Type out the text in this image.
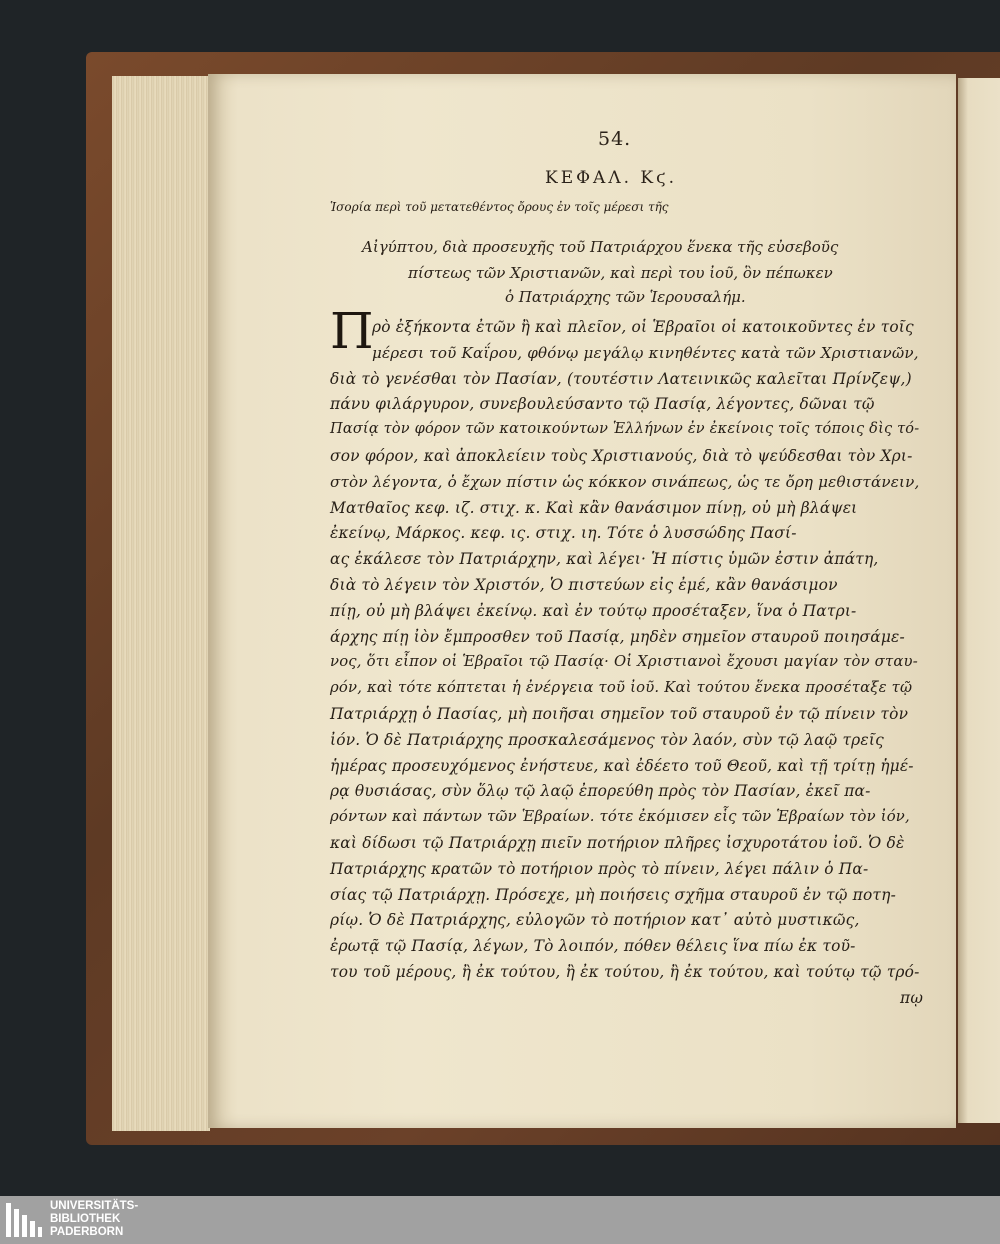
54.
ΚΕΦΑΛ. Κϛ.
Ἱσορία περὶ τοῦ μετατεθέντος ὄρους ἐν τοῖς μέρεσι τῆς
Αἰγύπτου, διὰ προσευχῆς τοῦ Πατριάρχου ἕνεκα τῆς εὐσεβοῦς
πίστεως τῶν Χριστιανῶν, καὶ περὶ του ἰοῦ, ὃν πέπωκεν
ὁ Πατριάρχης τῶν Ἱερουσαλήμ.
Π
ρὸ ἐξήκοντα ἐτῶν ἢ καὶ πλεῖον, οἱ Ἑβραῖοι οἱ κατοικοῦντες ἐν τοῖς
μέρεσι τοῦ Καΐρου, φθόνῳ μεγάλῳ κινηθέντες κατὰ τῶν Χριστιανῶν,
διὰ τὸ γενέσθαι τὸν Πασίαν, (τουτέστιν Λατεινικῶς καλεῖται Πρίνζεψ,)
πάνυ φιλάργυρον, συνεβουλεύσαντο τῷ Πασίᾳ, λέγοντες, δῶναι τῷ
Πασίᾳ τὸν φόρον τῶν κατοικούντων Ἑλλήνων ἐν ἐκείνοις τοῖς τόποις δὶς τό-
σον φόρον, καὶ ἀποκλείειν τοὺς Χριστιανούς, διὰ τὸ ψεύδεσθαι τὸν Χρι-
στὸν λέγοντα, ὁ ἔχων πίστιν ὡς κόκκον σινάπεως, ὡς τε ὄρη μεθιστάνειν,
Ματθαῖος κεφ. ιζ. στιχ. κ. Καὶ κἂν θανάσιμον πίνῃ, οὐ μὴ βλάψει
ἐκείνῳ, Μάρκος. κεφ. ις. στιχ. ιη. Τότε ὁ λυσσώδης Πασί-
ας ἐκάλεσε τὸν Πατριάρχην, καὶ λέγει· Ἡ πίστις ὑμῶν ἐστιν ἀπάτη,
διὰ τὸ λέγειν τὸν Χριστόν, Ὁ πιστεύων εἰς ἐμέ, κἂν θανάσιμον
πίῃ, οὐ μὴ βλάψει ἐκείνῳ. καὶ ἐν τούτῳ προσέταξεν, ἵνα ὁ Πατρι-
άρχης πίῃ ἰὸν ἔμπροσθεν τοῦ Πασίᾳ, μηδὲν σημεῖον σταυροῦ ποιησάμε-
νος, ὅτι εἶπον οἱ Ἑβραῖοι τῷ Πασίᾳ· Οἱ Χριστιανοὶ ἔχουσι μαγίαν τὸν σταυ-
ρόν, καὶ τότε κόπτεται ἡ ἐνέργεια τοῦ ἰοῦ. Καὶ τούτου ἕνεκα προσέταξε τῷ
Πατριάρχῃ ὁ Πασίας, μὴ ποιῆσαι σημεῖον τοῦ σταυροῦ ἐν τῷ πίνειν τὸν
ἰόν. Ὁ δὲ Πατριάρχης προσκαλεσάμενος τὸν λαόν, σὺν τῷ λαῷ τρεῖς
ἡμέρας προσευχόμενος ἐνήστευε, καὶ ἐδέετο τοῦ Θεοῦ, καὶ τῇ τρίτῃ ἡμέ-
ρᾳ θυσιάσας, σὺν ὅλῳ τῷ λαῷ ἐπορεύθη πρὸς τὸν Πασίαν, ἐκεῖ πα-
ρόντων καὶ πάντων τῶν Ἑβραίων. τότε ἐκόμισεν εἷς τῶν Ἑβραίων τὸν ἰόν,
καὶ δίδωσι τῷ Πατριάρχῃ πιεῖν ποτήριον πλῆρες ἰσχυροτάτου ἰοῦ. Ὁ δὲ
Πατριάρχης κρατῶν τὸ ποτήριον πρὸς τὸ πίνειν, λέγει πάλιν ὁ Πα-
σίας τῷ Πατριάρχῃ. Πρόσεχε, μὴ ποιήσεις σχῆμα σταυροῦ ἐν τῷ ποτη-
ρίῳ. Ὁ δὲ Πατριάρχης, εὐλογῶν τὸ ποτήριον κατ᾽ αὐτὸ μυστικῶς,
ἐρωτᾷ τῷ Πασίᾳ, λέγων, Τὸ λοιπόν, πόθεν θέλεις ἵνα πίω ἐκ τοῦ-
του τοῦ μέρους, ἢ ἐκ τούτου, ἢ ἐκ τούτου, ἢ ἐκ τούτου, καὶ τούτῳ τῷ τρό-
πῳ
UNIVERSITÄTS-
BIBLIOTHEK
PADERBORN
